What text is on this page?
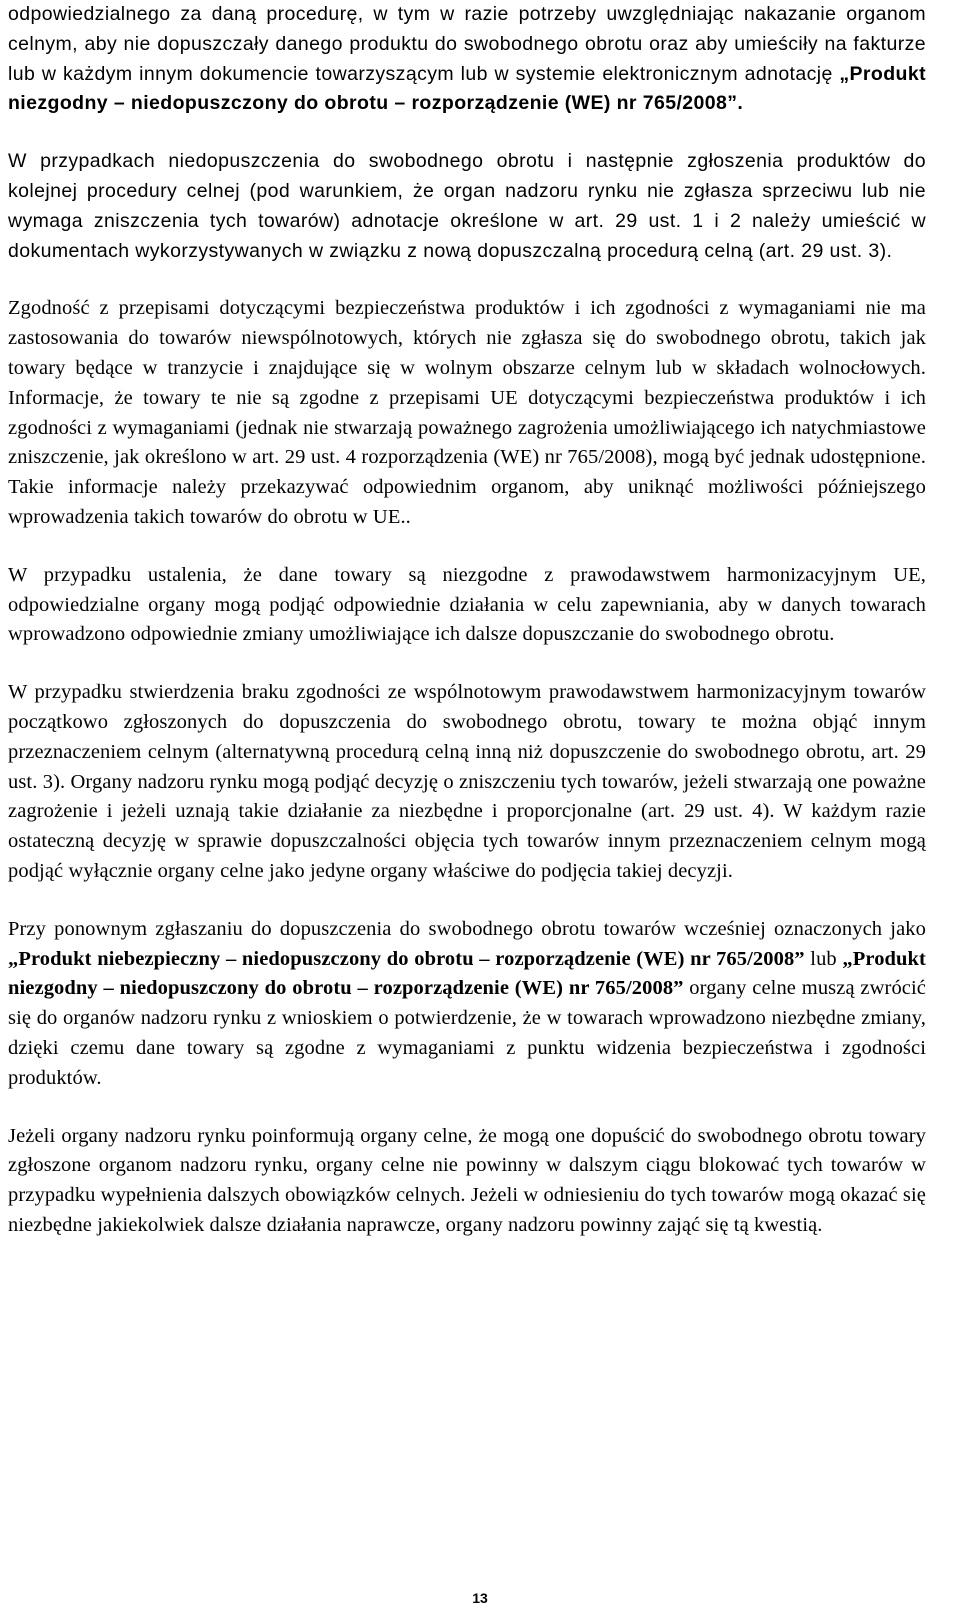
odpowiedzialnego za daną procedurę, w tym w razie potrzeby uwzględniając nakazanie organom celnym, aby nie dopuszczały danego produktu do swobodnego obrotu oraz aby umieściły na fakturze lub w każdym innym dokumencie towarzyszącym lub w systemie elektronicznym adnotację „Produkt niezgodny – niedopuszczony do obrotu – rozporządzenie (WE) nr 765/2008”.

W przypadkach niedopuszczenia do swobodnego obrotu i następnie zgłoszenia produktów do kolejnej procedury celnej (pod warunkiem, że organ nadzoru rynku nie zgłasza sprzeciwu lub nie wymaga zniszczenia tych towarów) adnotacje określone w art. 29 ust. 1 i 2 należy umieścić w dokumentach wykorzystywanych w związku z nową dopuszczalną procedurą celną (art. 29 ust. 3).

Zgodność z przepisami dotyczącymi bezpieczeństwa produktów i ich zgodności z wymaganiami nie ma zastosowania do towarów niewspólnotowych, których nie zgłasza się do swobodnego obrotu, takich jak towary będące w tranzycie i znajdujące się w wolnym obszarze celnym lub w składach wolnocłowych. Informacje, że towary te nie są zgodne z przepisami UE dotyczącymi bezpieczeństwa produktów i ich zgodności z wymaganiami (jednak nie stwarzają poważnego zagrożenia umożliwiającego ich natychmiastowe zniszczenie, jak określono w art. 29 ust. 4 rozporządzenia (WE) nr 765/2008), mogą być jednak udostępnione. Takie informacje należy przekazywać odpowiednim organom, aby uniknąć możliwości późniejszego wprowadzenia takich towarów do obrotu w UE..

W przypadku ustalenia, że dane towary są niezgodne z prawodawstwem harmonizacyjnym UE, odpowiedzialne organy mogą podjąć odpowiednie działania w celu zapewniania, aby w danych towarach wprowadzono odpowiednie zmiany umożliwiające ich dalsze dopuszczanie do swobodnego obrotu.

W przypadku stwierdzenia braku zgodności ze wspólnotowym prawodawstwem harmonizacyjnym towarów początkowo zgłoszonych do dopuszczenia do swobodnego obrotu, towary te można objąć innym przeznaczeniem celnym (alternatywną procedurą celną inną niż dopuszczenie do swobodnego obrotu, art. 29 ust. 3). Organy nadzoru rynku mogą podjąć decyzję o zniszczeniu tych towarów, jeżeli stwarzają one poważne zagrożenie i jeżeli uznają takie działanie za niezbędne i proporcjonalne (art. 29 ust. 4). W każdym razie ostateczną decyzję w sprawie dopuszczalności objęcia tych towarów innym przeznaczeniem celnym mogą podjąć wyłącznie organy celne jako jedyne organy właściwe do podjęcia takiej decyzji.

Przy ponownym zgłaszaniu do dopuszczenia do swobodnego obrotu towarów wcześniej oznaczonych jako „Produkt niebezpieczny – niedopuszczony do obrotu – rozporządzenie (WE) nr 765/2008” lub „Produkt niezgodny – niedopuszczony do obrotu – rozporządzenie (WE) nr 765/2008” organy celne muszą zwrócić się do organów nadzoru rynku z wnioskiem o potwierdzenie, że w towarach wprowadzono niezbędne zmiany, dzięki czemu dane towary są zgodne z wymaganiami z punktu widzenia bezpieczeństwa i zgodności produktów.

Jeżeli organy nadzoru rynku poinformują organy celne, że mogą one dopuścić do swobodnego obrotu towary zgłoszone organom nadzoru rynku, organy celne nie powinny w dalszym ciągu blokować tych towarów w przypadku wypełnienia dalszych obowiązków celnych. Jeżeli w odniesieniu do tych towarów mogą okazać się niezbędne jakiekolwiek dalsze działania naprawcze, organy nadzoru powinny zająć się tą kwestią.

13
